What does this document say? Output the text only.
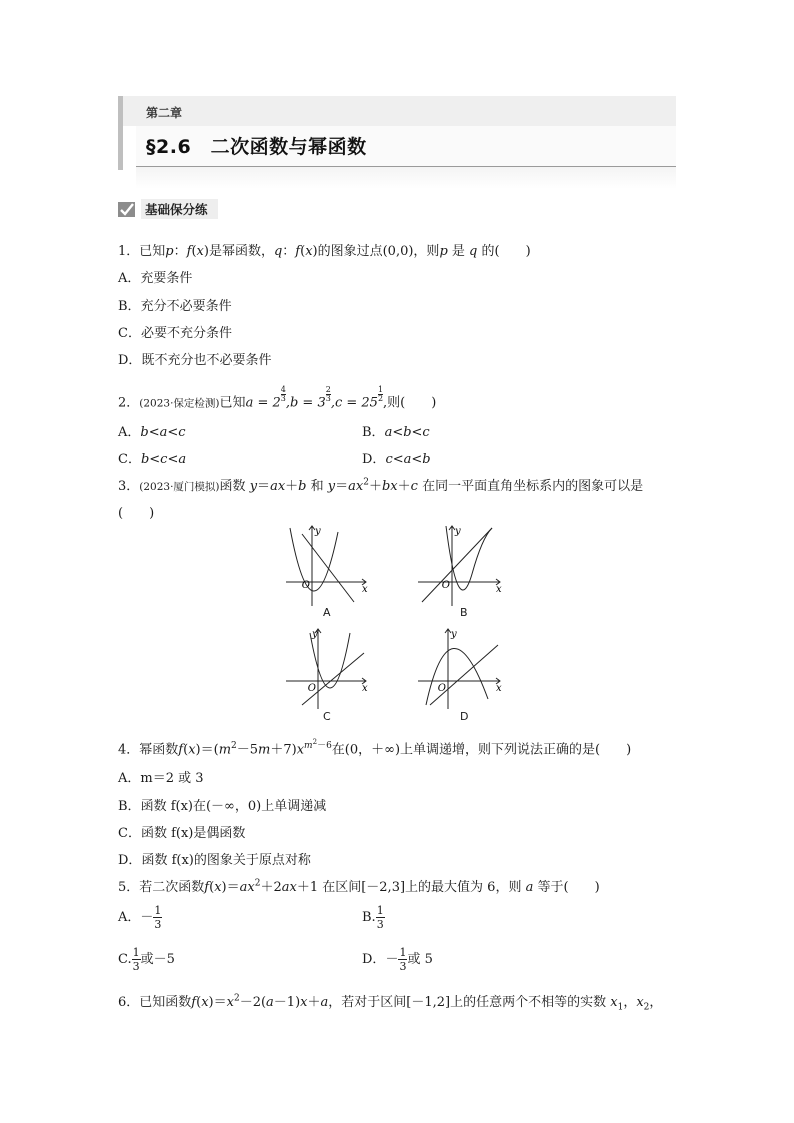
第二章
§2.6　二次函数与幂函数
基础保分练
1．已知p：f(x)是幂函数，q：f(x)的图象过点(0,0)，则p 是 q 的(　　)
A．充要条件
B．充分不必要条件
C．必要不充分条件
D．既不充分也不必要条件
2．(2023·保定检测)已知$a = 2 \frac{4}{3} ,b = 3 \frac{2}{3} ,c = 25 \frac{1}{2}$ ,则(　　)
A．b<a<c	B．a<b<c
C．b<c<a	D．c<a<b
3．(2023·厦门模拟)函数 y＝ax＋b 和 $y=ax^2+bx+c$ 在同一平面直角坐标系内的图象可以是
(　　)
y
x
O
A
y
x
O
B
y
x
O
C
y
x
O
D
4．幂函数$f(x)=(m^2-5m+7)x^{m^2-6}$在(0，＋∞)上单调递增，则下列说法正确的是(　　)
A．m＝2 或 3
B．函数 f(x)在(－∞，0)上单调递减
C．函数 f(x)是偶函数
D．函数 f(x)的图象关于原点对称
5．若二次函数$f(x)=ax^2+2ax+1$ 在区间[－2,3]上的最大值为 6，则 a 等于(　　)
A．－ $\frac{1}{3}$	B. $\frac{1}{3}$
C. $\frac{1}{3}$ 或－5	D．－ $\frac{1}{3}$ 或 5
6．已知函数$f(x)=x^2-2(a-1)x+a$，若对于区间[－1,2]上的任意两个不相等的实数 $x_1$，$x_2$，
